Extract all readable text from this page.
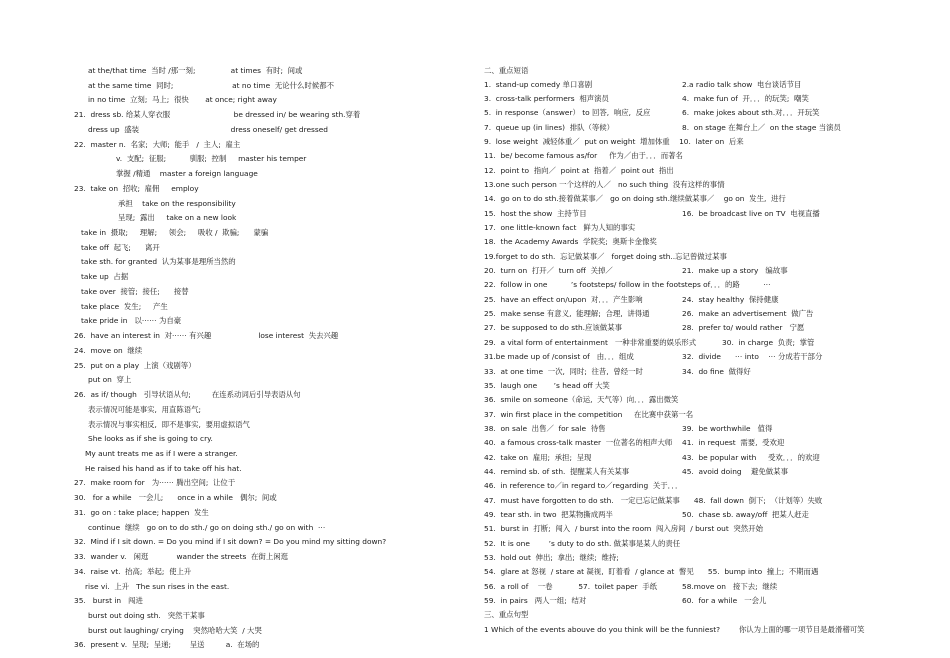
at the/that time  当时 /那一刻;               at times  有时;  间或
at the same time  同时;                         at no time  无论什么时候都不
in no time  立刻;  马上;  很快       at once; right away
21.  dress sb. 给某人穿衣服                           be dressed in/ be wearing sth.穿着
dress up  盛装                                       dress oneself/ get dressed
22.  master n.  名家;  大师;  能手   /  主人;  雇主
v.  支配;  征服;          驯服;  控制     master his temper
掌握 /精通    master a foreign language
23.  take on  招收;  雇佣     employ
承担    take on the responsibility
呈现;  露出     take on a new look
take in  摄取;     理解;     领会;     吸收 /  欺骗;      蒙骗
take off  起飞;      离开
take sth. for granted  认为某事是理所当然的
take up  占据
take over  接管;  接任;      接替
take place  发生;     产生
take pride in   以⋯⋯ 为自豪
26.  have an interest in  对⋯⋯ 有兴趣                    lose interest  失去兴趣
24.  move on  继续
25.  put on a play  上演（戏剧等）
put on  穿上
26.  as if/ though   引导状语从句;         在连系动词后引导表语从句
表示情况可能是事实,  用直陈语气;
表示情况与事实相反,  即不是事实,  要用虚拟语气
She looks as if she is going to cry.
My aunt treats me as if I were a stranger.
He raised his hand as if to take off his hat.
27.  make room for   为⋯⋯ 腾出空间;  让位于
30.   for a while   一会儿;      once in a while   偶尔;  间或
31.  go on : take place; happen  发生
continue  继续   go on to do sth./ go on doing sth./ go on with  ⋯
32.  Mind if I sit down. = Do you mind if I sit down? = Do you mind my sitting down?
33.  wander v.   闲逛            wander the streets  在街上闲逛
34.  raise vt.  抬高;  举起;  使上升
rise vi.  上升   The sun rises in the east.
35.   burst in   闯进
burst out doing sth.   突然干某事
burst out laughing/ crying    突然哈哈大笑  / 大哭
36.  present v.  呈现;  呈递;        呈送         a.  在场的
二、重点短语
1.  stand-up comedy 单口喜剧	2.a radio talk show  电台谈话节目
3.  cross-talk performers  相声演员	4.  make fun of  开．．．的玩笑;  嘲笑
5.  in response（answer） to 回答,  响应,  反应	6.  make jokes about sth.对．．．开玩笑
7.  queue up (in lines)  排队（等候）	8.  on stage 在舞台上／  on the stage 当演员
9.  lose weight  减轻体重／  put on weight  增加体重    10.  later on  后来
11.  be/ become famous as/for     作为／由于．．．而著名
12.  point to  指向／  point at  指着／  point out  指出
13.one such person 一个这样的人／   no such thing  没有这样的事情
14.  go on to do sth.接着做某事／   go on doing sth.继续做某事／    go on  发生,  进行
15.  host the show  主持节目	16.  be broadcast live on TV  电视直播
17.  one little-known fact   鲜为人知的事实
18.  the Academy Awards  学院奖;  奥斯卡金像奖
19.forget to do sth.  忘记做某事／   forget doing sth..忘记曾做过某事
20.  turn on  打开／  turn off  关掉／	21.  make up a story   编故事
22.  follow in one          ’s footsteps/ follow in the footsteps of．．．的路          ⋯
25.  have an effect on/upon  对．．．产生影响	24.  stay healthy  保持健康
25.  make sense 有意义,  能理解;  合理,  讲得通	26.  make an advertisement  做广告
27.  be supposed to do sth.应该做某事	28.  prefer to/ would rather   宁愿
29.  a vital form of entertainment   一种非常重要的娱乐形式           30.  in charge  负责;  掌管
31.be made up of /consist of   由．．．组成	32.  divide      ⋯ into    ⋯ 分成若干部分
33.  at one time  一次,  同时;  往昔,  曾经一时	34.  do fine  做得好
35.  laugh one       ’s head off 大笑
36.  smile on someone（命运,  天气等）向．．．露出微笑
37.  win first place in the competition     在比赛中获第一名
38.  on sale  出售／  for sale  待售	39.  be worthwhile   值得
40.  a famous cross-talk master  一位著名的相声大师 41.  in request  需要,  受欢迎
42.  take on  雇用;  承担;  呈现	43.  be popular with     受欢．．．的欢迎
44.  remind sb. of sth.  提醒某人有关某事	45.  avoid doing    避免做某事
46.  in reference to／in regard to／regarding  关于．．．
47.  must have forgotten to do sth.   一定已忘记做某事      48.  fall down  倒下;  （计划等）失败
49.  tear sth. in two  把某物撕成两半	50.  chase sb. away/off  把某人赶走
51.  burst in  打断;  闯入  / burst into the room  闯入房间  / burst out  突然开始
52.  It is one        ’s duty to do sth. 做某事是某人的责任
53.  hold out  伸出;  拿出;  继续;  维持;
54.  glare at 怒视  / stare at 凝视,  盯着看  / glance at  瞥见      55.  bump into  撞上;  不期而遇
56.  a roll of    一卷           57.  toilet paper  手纸	58.move on   接下去;  继续
59.  in pairs   两人一组;  结对	60.  for a while   一会儿
三、重点句型
1 Which of the events abouve do you think will be the funniest?        你认为上面的哪一项节目是最滑稽可笑
